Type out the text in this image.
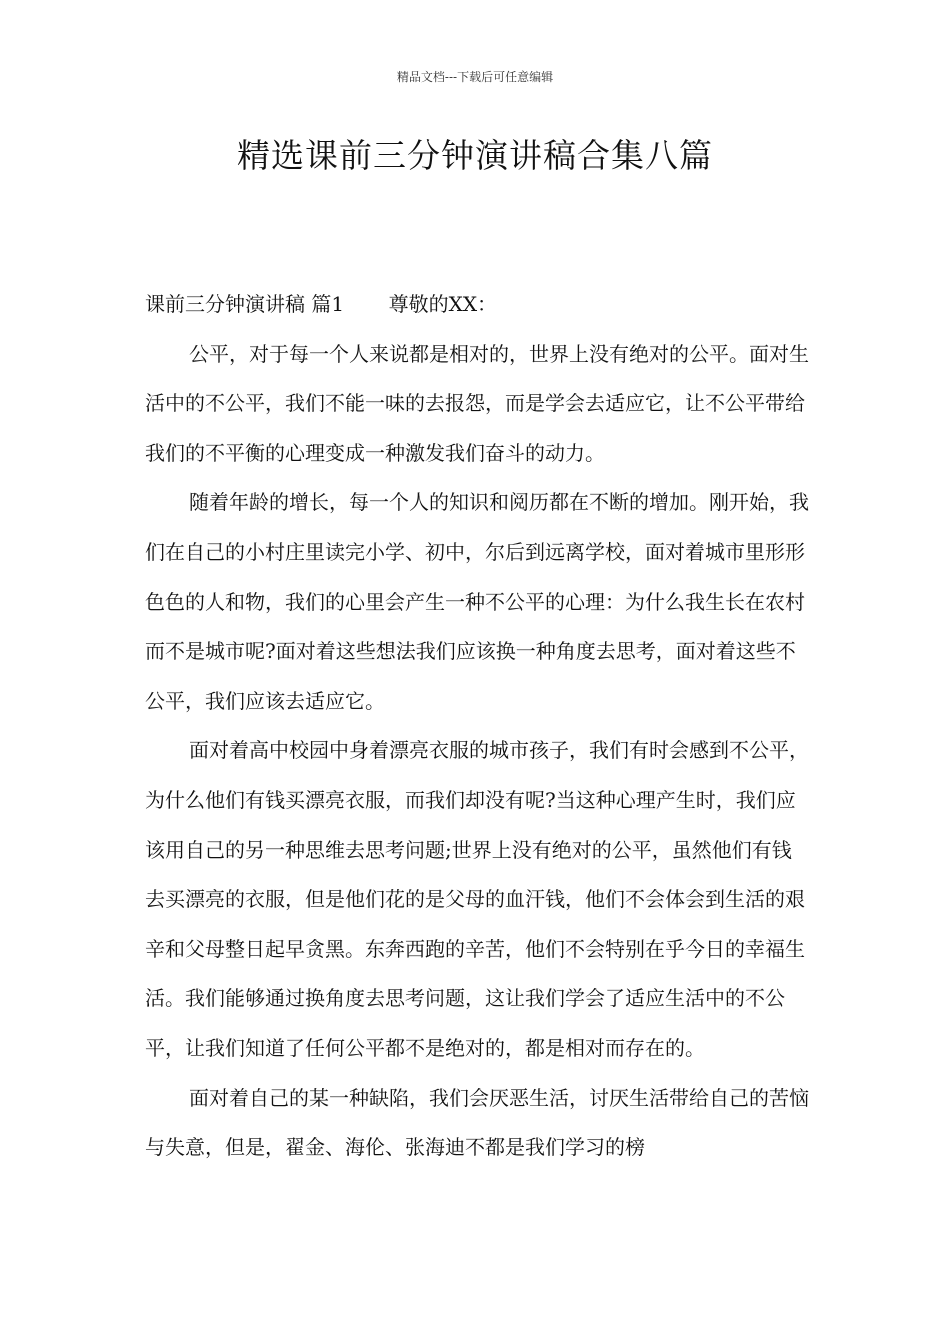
精品文档---下载后可任意编辑
精选课前三分钟演讲稿合集八篇

课前三分钟演讲稿 篇1       尊敬的XX：

公平，对于每一个人来说都是相对的，世界上没有绝对的公平。面对生活中的不公平，我们不能一味的去报怨，而是学会去适应它，让不公平带给我们的不平衡的心理变成一种激发我们奋斗的动力。

随着年龄的增长，每一个人的知识和阅历都在不断的增加。刚开始，我们在自己的小村庄里读完小学、初中，尔后到远离学校，面对着城市里形形色色的人和物，我们的心里会产生一种不公平的心理：为什么我生长在农村而不是城市呢?面对着这些想法我们应该换一种角度去思考，面对着这些不公平，我们应该去适应它。

面对着高中校园中身着漂亮衣服的城市孩子，我们有时会感到不公平，为什么他们有钱买漂亮衣服，而我们却没有呢?当这种心理产生时，我们应该用自己的另一种思维去思考问题;世界上没有绝对的公平，虽然他们有钱去买漂亮的衣服，但是他们花的是父母的血汗钱，他们不会体会到生活的艰辛和父母整日起早贪黑。东奔西跑的辛苦，他们不会特别在乎今日的幸福生活。我们能够通过换角度去思考问题，这让我们学会了适应生活中的不公平，让我们知道了任何公平都不是绝对的，都是相对而存在的。

面对着自己的某一种缺陷，我们会厌恶生活，讨厌生活带给自己的苦恼与失意，但是，翟金、海伦、张海迪不都是我们学习的榜
